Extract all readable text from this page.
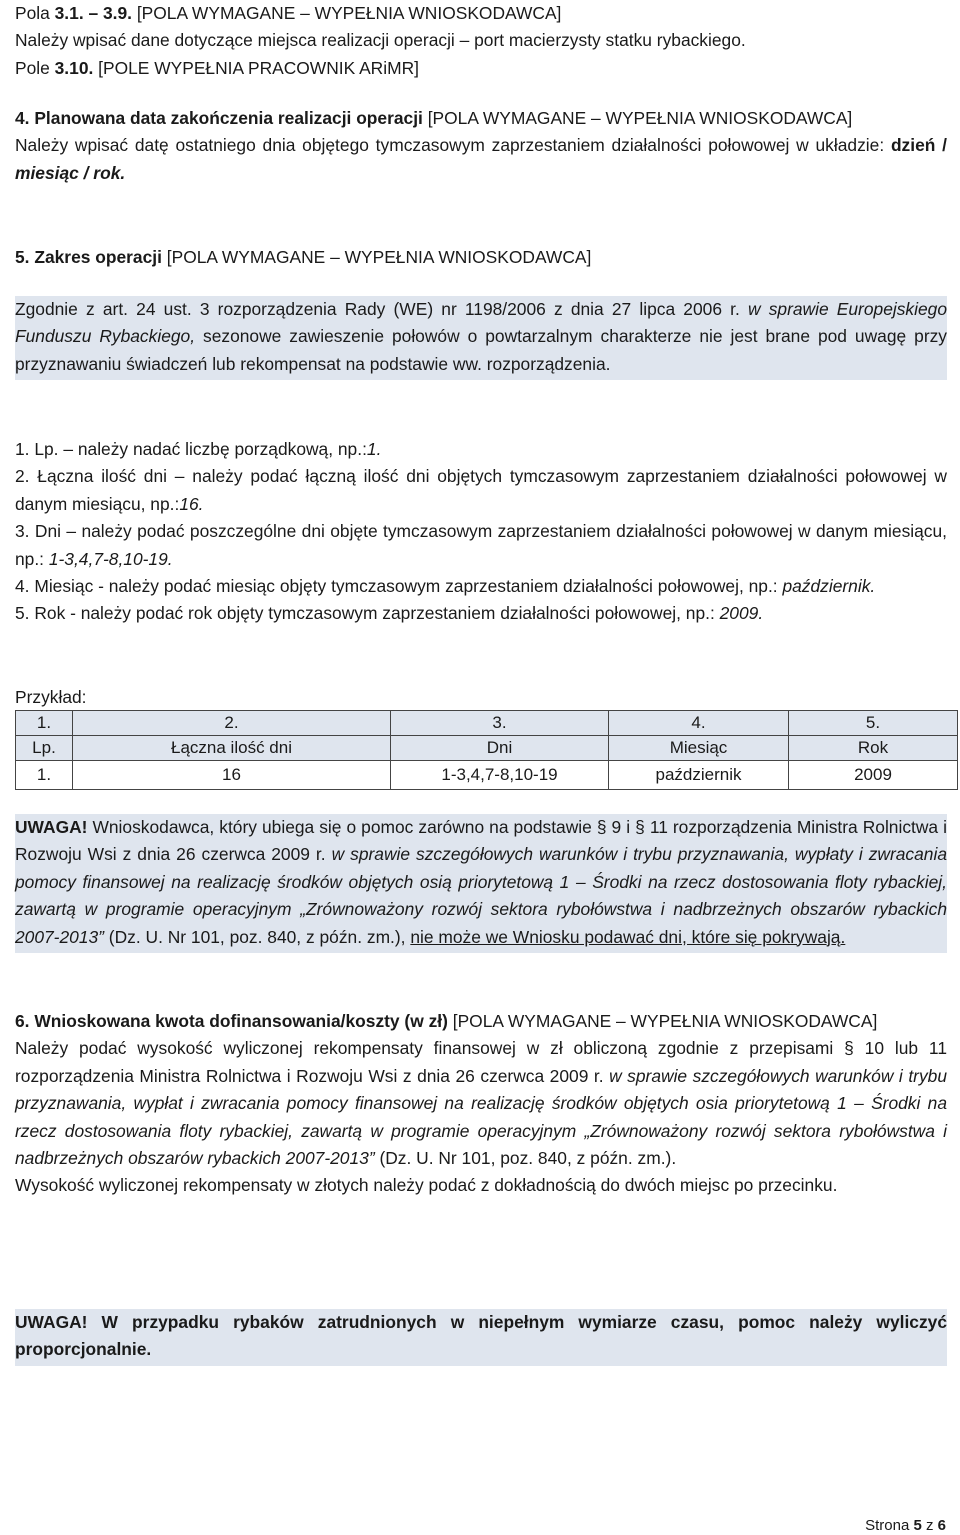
Pola 3.1. – 3.9. [POLA WYMAGANE – WYPEŁNIA WNIOSKODAWCA]

Należy wpisać dane dotyczące miejsca realizacji operacji – port macierzysty statku rybackiego.

Pole 3.10. [POLE WYPEŁNIA PRACOWNIK ARiMR]

4. Planowana data zakończenia realizacji operacji [POLA WYMAGANE – WYPEŁNIA WNIOSKODAWCA]

Należy wpisać datę ostatniego dnia objętego tymczasowym zaprzestaniem działalności połowowej w układzie: dzień / miesiąc / rok.

5. Zakres operacji [POLA WYMAGANE – WYPEŁNIA WNIOSKODAWCA]

Zgodnie z art. 24 ust. 3 rozporządzenia Rady (WE) nr 1198/2006 z dnia 27 lipca 2006 r. w sprawie Europejskiego Funduszu Rybackiego, sezonowe zawieszenie połowów o powtarzalnym charakterze nie jest brane pod uwagę przy przyznawaniu świadczeń lub rekompensat na podstawie ww. rozporządzenia.

1. Lp. – należy nadać liczbę porządkową, np.:1.

2. Łączna ilość dni – należy podać łączną ilość dni objętych tymczasowym zaprzestaniem działalności połowowej w danym miesiącu, np.:16.

3. Dni – należy podać poszczególne dni objęte tymczasowym zaprzestaniem działalności połowowej w danym miesiącu, np.: 1-3,4,7-8,10-19.

4. Miesiąc - należy podać miesiąc objęty tymczasowym zaprzestaniem działalności połowowej, np.: październik.

5. Rok - należy podać rok objęty tymczasowym zaprzestaniem działalności połowowej, np.: 2009.

Przykład:

1.	2.	3.	4.	5.
Lp.	Łączna ilość dni	Dni	Miesiąc	Rok
1.	16	1-3,4,7-8,10-19	październik	2009

UWAGA! Wnioskodawca, który ubiega się o pomoc zarówno na podstawie § 9 i § 11 rozporządzenia Ministra Rolnictwa i Rozwoju Wsi z dnia 26 czerwca 2009 r. w sprawie szczegółowych warunków i trybu przyznawania, wypłaty i zwracania pomocy finansowej na realizację środków objętych osią priorytetową 1 – Środki na rzecz dostosowania floty rybackiej, zawartą w programie operacyjnym „Zrównoważony rozwój sektora rybołówstwa i nadbrzeżnych obszarów rybackich 2007-2013” (Dz. U. Nr 101, poz. 840, z późn. zm.), nie może we Wniosku podawać dni, które się pokrywają.

6. Wnioskowana kwota dofinansowania/koszty (w zł) [POLA WYMAGANE – WYPEŁNIA WNIOSKODAWCA]

Należy podać wysokość wyliczonej rekompensaty finansowej w zł obliczoną zgodnie z przepisami § 10 lub 11 rozporządzenia Ministra Rolnictwa i Rozwoju Wsi z dnia 26 czerwca 2009 r. w sprawie szczegółowych warunków i trybu przyznawania, wypłat i zwracania pomocy finansowej na realizację środków objętych osia priorytetową 1 – Środki na rzecz dostosowania floty rybackiej, zawartą w programie operacyjnym „Zrównoważony rozwój sektora rybołówstwa i nadbrzeżnych obszarów rybackich 2007-2013” (Dz. U. Nr 101, poz. 840, z późn. zm.).

Wysokość wyliczonej rekompensaty w złotych należy podać z dokładnością do dwóch miejsc po przecinku.

UWAGA! W przypadku rybaków zatrudnionych w niepełnym wymiarze czasu, pomoc należy wyliczyć proporcjonalnie.

Strona 5 z 6
